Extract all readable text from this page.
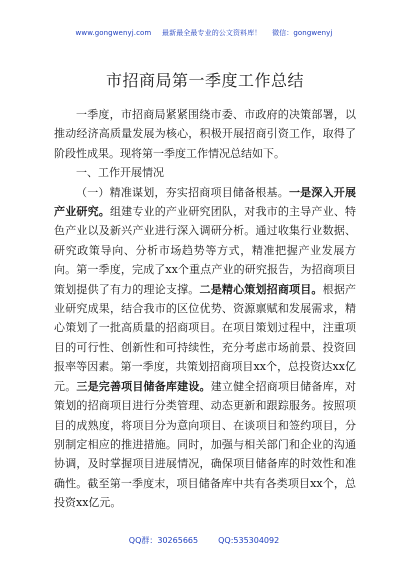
www.gongwenyj.com 最新最全最专业的公文资料库！ 微信：gongwenyj
市招商局第一季度工作总结

一季度，市招商局紧紧围绕市委、市政府的决策部署，以推动经济高质量发展为核心，积极开展招商引资工作，取得了阶段性成果。现将第一季度工作情况总结如下。

一、工作开展情况

（一）精准谋划，夯实招商项目储备根基。一是深入开展产业研究。组建专业的产业研究团队，对我市的主导产业、特色产业以及新兴产业进行深入调研分析。通过收集行业数据、研究政策导向、分析市场趋势等方式，精准把握产业发展方向。第一季度，完成了xx个重点产业的研究报告，为招商项目策划提供了有力的理论支撑。二是精心策划招商项目。根据产业研究成果，结合我市的区位优势、资源禀赋和发展需求，精心策划了一批高质量的招商项目。在项目策划过程中，注重项目的可行性、创新性和可持续性，充分考虑市场前景、投资回报率等因素。第一季度，共策划招商项目xx个，总投资达xx亿元。三是完善项目储备库建设。建立健全招商项目储备库，对策划的招商项目进行分类管理、动态更新和跟踪服务。按照项目的成熟度，将项目分为意向项目、在谈项目和签约项目，分别制定相应的推进措施。同时，加强与相关部门和企业的沟通协调，及时掌握项目进展情况，确保项目储备库的时效性和准确性。截至第一季度末，项目储备库中共有各类项目xx个，总投资xx亿元。

QQ群：30265665	QQ:535304092
